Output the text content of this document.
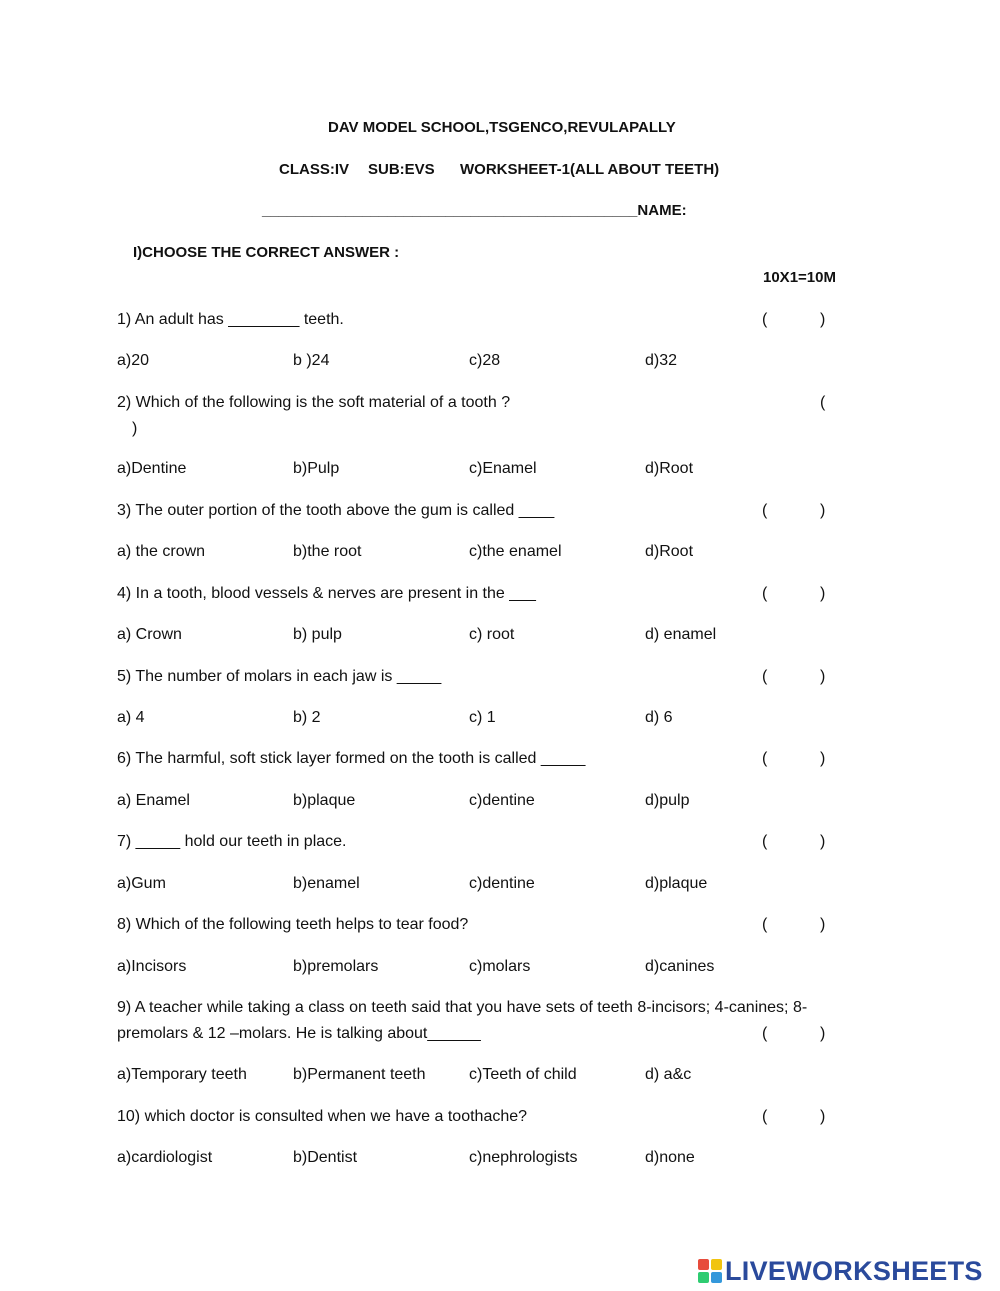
DAV MODEL SCHOOL,TSGENCO,REVULAPALLY
CLASS:IV SUB:EVS WORKSHEET-1(ALL ABOUT TEETH)
_____________________________________________NAME:
I)CHOOSE THE CORRECT ANSWER :
10X1=10M
1) An adult has ________ teeth.	(	)
a)20	b )24	c)28	d)32
2) Which of the following is the soft material of a tooth ?	(
)
a)Dentine	b)Pulp	c)Enamel	d)Root
3) The outer portion of the tooth above the gum is called ____	(	)
a) the crown	b)the root	c)the enamel	d)Root
4) In a tooth, blood vessels & nerves are present in the ___	(	)
a) Crown	b) pulp	c) root	d) enamel
5) The number of molars in each jaw is _____	(	)
a) 4	b) 2	c) 1	d) 6
6) The harmful, soft stick layer formed on the tooth is called _____	(	)
a) Enamel	b)plaque	c)dentine	d)pulp
7) _____ hold our teeth in place.	(	)
a)Gum	b)enamel	c)dentine	d)plaque
8) Which of the following teeth helps to tear food?	(	)
a)Incisors	b)premolars	c)molars	d)canines
9) A teacher while taking a class on teeth said that you have sets of teeth 8-incisors; 4-canines; 8-
premolars & 12 –molars. He is talking about______	(	)
a)Temporary teeth	b)Permanent teeth	c)Teeth of child	d) a&c
10) which doctor is consulted when we have a toothache?	(	)
a)cardiologist	b)Dentist	c)nephrologists	d)none
LIVEWORKSHEETS
